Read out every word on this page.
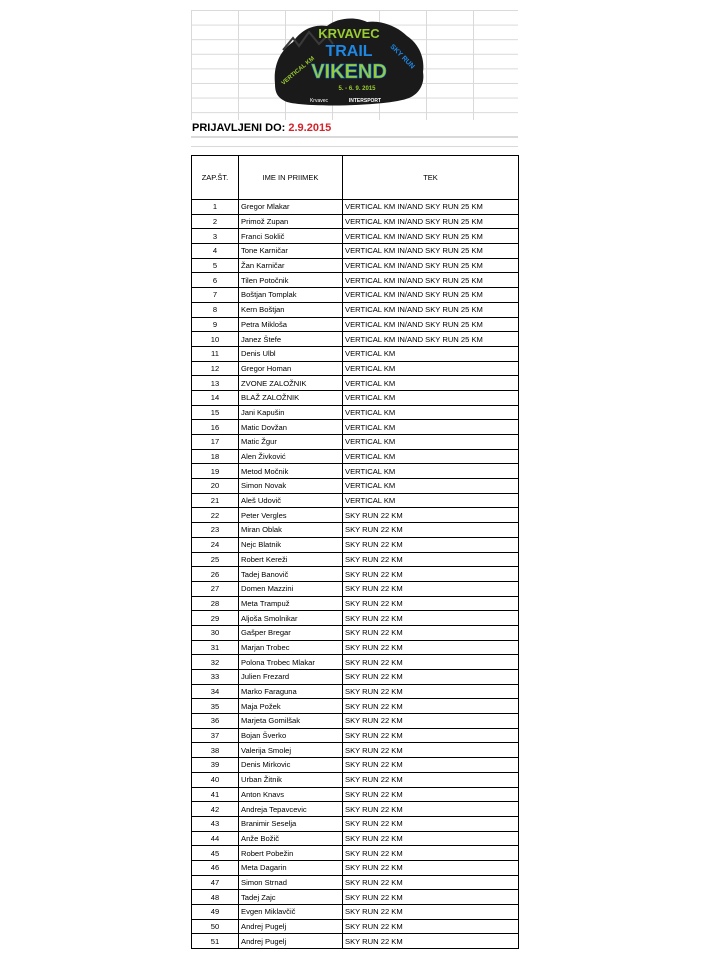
KRVAVEC
TRAIL
VIKEND
VERTICAL KM	SKY RUN
5. - 6. 9. 2015
Krvavec	INTERSPORT
PRIJAVLJENI DO: 2.9.2015
ZAP.ŠT.	IME IN PRIIMEK	TEK
1	Gregor Mlakar	VERTICAL KM IN/AND SKY RUN 25 KM
2	Primož Zupan	VERTICAL KM IN/AND SKY RUN 25 KM
3	Franci Soklič	VERTICAL KM IN/AND SKY RUN 25 KM
4	Tone Karničar	VERTICAL KM IN/AND SKY RUN 25 KM
5	Žan Karničar	VERTICAL KM IN/AND SKY RUN 25 KM
6	Tilen Potočnik	VERTICAL KM IN/AND SKY RUN 25 KM
7	Boštjan Tomplak	VERTICAL KM IN/AND SKY RUN 25 KM
8	Kern Boštjan	VERTICAL KM IN/AND SKY RUN 25 KM
9	Petra Mikloša	VERTICAL KM IN/AND SKY RUN 25 KM
10	Janez Štefe	VERTICAL KM IN/AND SKY RUN 25 KM
11	Denis Ulbl	VERTICAL KM
12	Gregor Homan	VERTICAL KM
13	ZVONE ZALOŽNIK	VERTICAL KM
14	BLAŽ ZALOŽNIK	VERTICAL KM
15	Jani Kapušin	VERTICAL KM
16	Matic Dovžan	VERTICAL KM
17	Matic Žgur	VERTICAL KM
18	Alen Živković	VERTICAL KM
19	Metod Močnik	VERTICAL KM
20	Simon Novak	VERTICAL KM
21	Aleš Udovič	VERTICAL KM
22	Peter Vergles	SKY RUN 22 KM
23	Miran Oblak	SKY RUN 22 KM
24	Nejc Blatnik	SKY RUN 22 KM
25	Robert Kereži	SKY RUN 22 KM
26	Tadej Banovič	SKY RUN 22 KM
27	Domen Mazzini	SKY RUN 22 KM
28	Meta Trampuž	SKY RUN 22 KM
29	Aljoša Smolnikar	SKY RUN 22 KM
30	Gašper Bregar	SKY RUN 22 KM
31	Marjan Trobec	SKY RUN 22 KM
32	Polona Trobec Mlakar	SKY RUN 22 KM
33	Julien Frezard	SKY RUN 22 KM
34	Marko Faraguna	SKY RUN 22 KM
35	Maja Požek	SKY RUN 22 KM
36	Marjeta Gomilšak	SKY RUN 22 KM
37	Bojan Šverko	SKY RUN 22 KM
38	Valerija Smolej	SKY RUN 22 KM
39	Denis Mirkovic	SKY RUN 22 KM
40	Urban Žitnik	SKY RUN 22 KM
41	Anton Knavs	SKY RUN 22 KM
42	Andreja Tepavcevic	SKY RUN 22 KM
43	Branimir Seselja	SKY RUN 22 KM
44	Anže Božič	SKY RUN 22 KM
45	Robert Pobežin	SKY RUN 22 KM
46	Meta Dagarin	SKY RUN 22 KM
47	Simon Strnad	SKY RUN 22 KM
48	Tadej Zajc	SKY RUN 22 KM
49	Evgen Miklavčič	SKY RUN 22 KM
50	Andrej Pugelj	SKY RUN 22 KM
51	Andrej Pugelj	SKY RUN 22 KM
